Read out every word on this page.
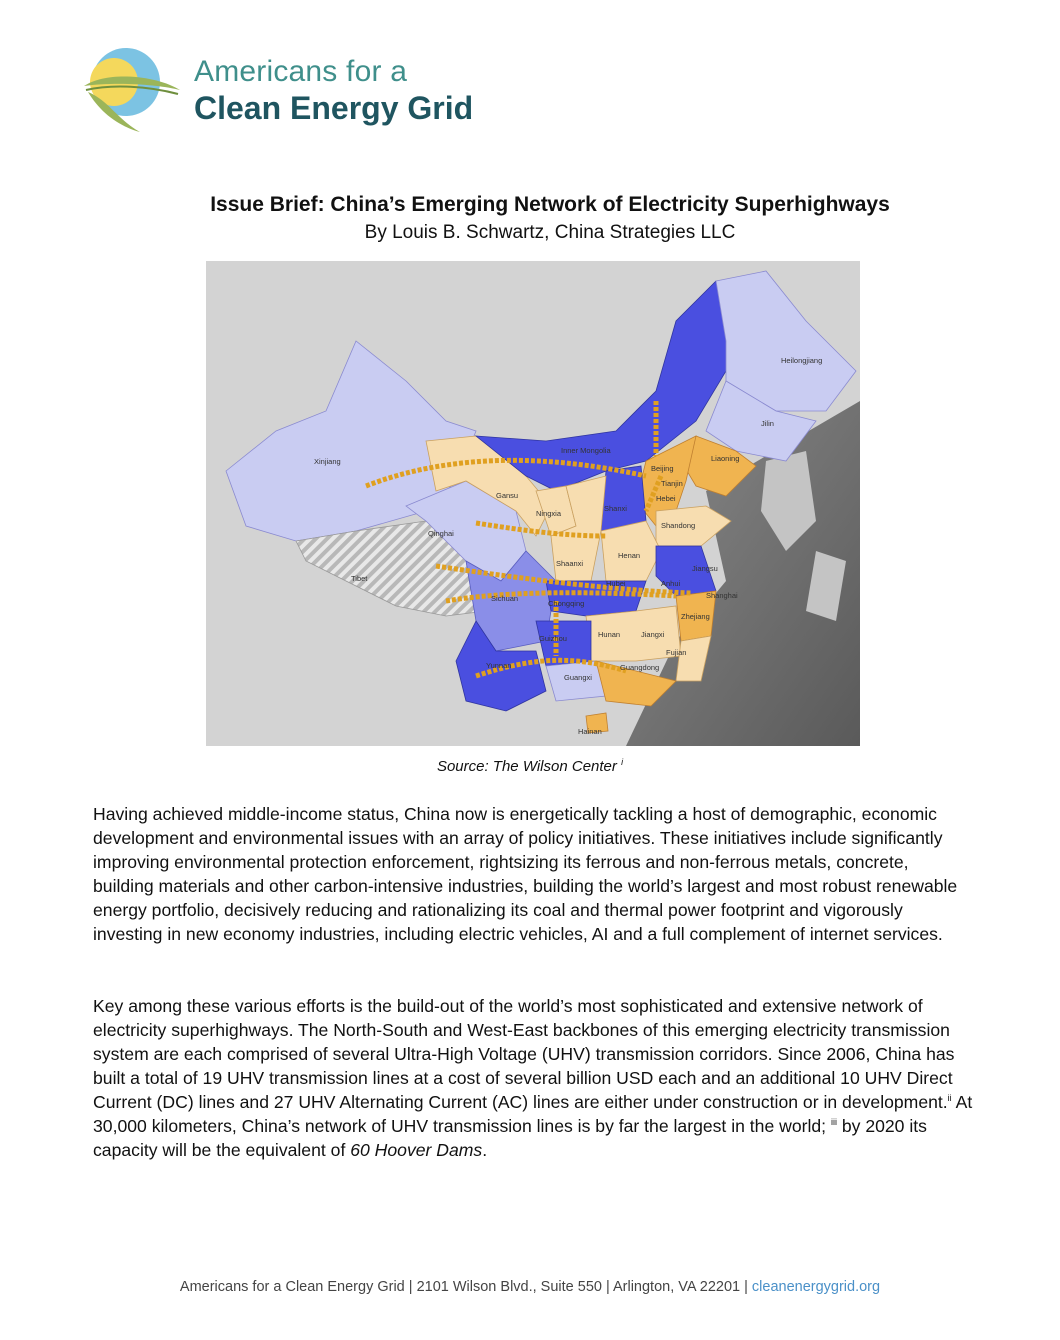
Americans for a
Clean Energy Grid
Issue Brief: China’s Emerging Network of Electricity Superhighways
By Louis B. Schwartz, China Strategies LLC
Heilongjiang
Jilin
Liaoning
Inner Mongolia
Beijing
Tianjin
Hebei
Xinjiang
Gansu
Ningxia
Shanxi
Shandong
Qinghai
Henan
Jiangsu
Shaanxi
Tibet
Hubei	Anhui
Shanghai
Sichuan
Chongqing
Zhejiang
Hunan	Jiangxi
Guizhou
Fujian
Yunnan	Guangdong
Guangxi
Hainan
Source: The Wilson Center $^i$

Having achieved middle-income status, China now is energetically tackling a host of demographic, economic development and environmental issues with an array of policy initiatives. These initiatives include significantly improving environmental protection enforcement, rightsizing its ferrous and non-ferrous metals, concrete, building materials and other carbon-intensive industries, building the world’s largest and most robust renewable energy portfolio, decisively reducing and rationalizing its coal and thermal power footprint and vigorously investing in new economy industries, including electric vehicles, AI and a full complement of internet services.

Key among these various efforts is the build-out of the world’s most sophisticated and extensive network of electricity superhighways. The North-South and West-East backbones of this emerging electricity transmission system are each comprised of several Ultra-High Voltage (UHV) transmission corridors. Since 2006, China has built a total of 19 UHV transmission lines at a cost of several billion USD each and an additional 10 UHV Direct Current (DC) lines and 27 UHV Alternating Current (AC) lines are either under construction or in development.$^{ii}$ At 30,000 kilometers, China’s network of UHV transmission lines is by far the largest in the world; $^{iii}$ by 2020 its capacity will be the equivalent of 60 Hoover Dams.

Americans for a Clean Energy Grid | 2101 Wilson Blvd., Suite 550 | Arlington, VA 22201 | cleanenergygrid.org
